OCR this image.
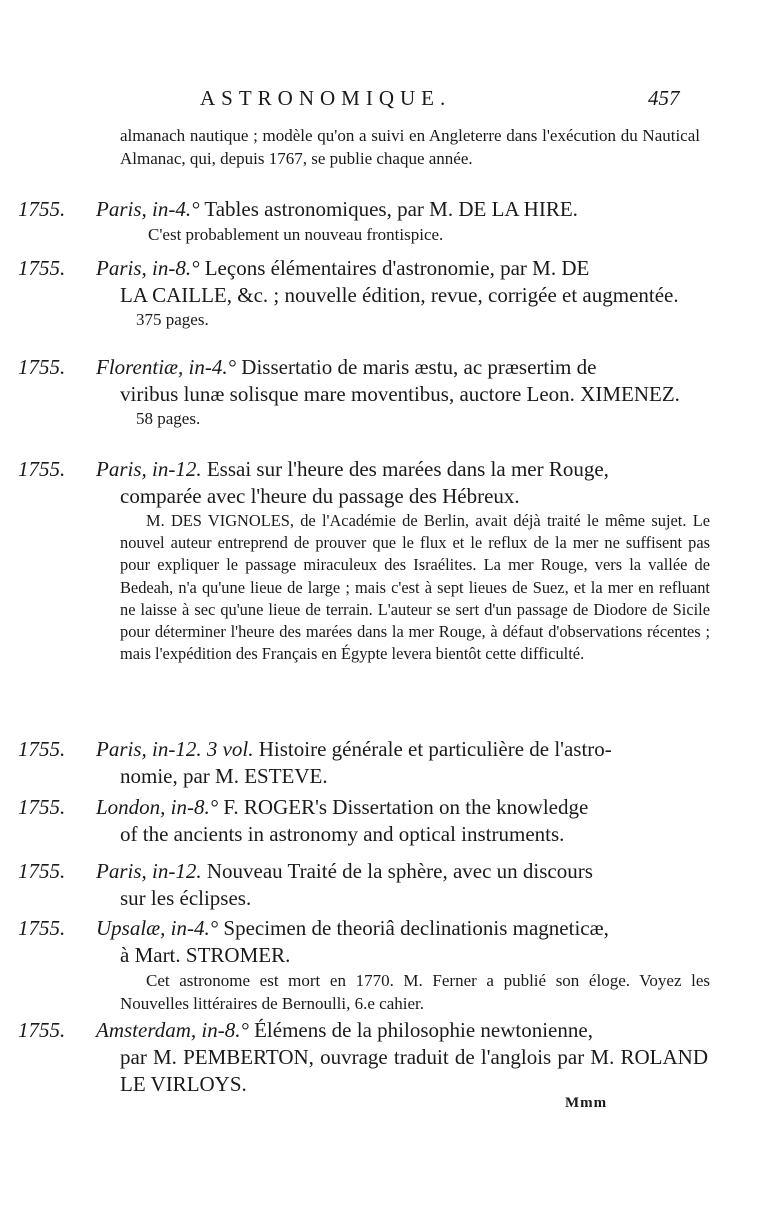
ASTRONOMIQUE.	457
almanach nautique ; modèle qu'on a suivi en Angleterre dans l'exécution du Nautical Almanac, qui, depuis 1767, se publie chaque année.
1755. Paris, in-4.° Tables astronomiques, par M. DE LA HIRE.
C'est probablement un nouveau frontispice.
1755. Paris, in-8.° Leçons élémentaires d'astronomie, par M. DE
LA CAILLE, &c. ; nouvelle édition, revue, corrigée et augmentée.
375 pages.
1755. Florentiæ, in-4.° Dissertatio de maris æstu, ac præsertim de
viribus lunæ solisque mare moventibus, auctore Leon. XIMENEZ.
58 pages.
1755. Paris, in-12. Essai sur l'heure des marées dans la mer Rouge,
comparée avec l'heure du passage des Hébreux.
M. DES VIGNOLES, de l'Académie de Berlin, avait déjà traité le même sujet. Le nouvel auteur entreprend de prouver que le flux et le reflux de la mer ne suffisent pas pour expliquer le passage miraculeux des Israélites. La mer Rouge, vers la vallée de Bedeah, n'a qu'une lieue de large ; mais c'est à sept lieues de Suez, et la mer en refluant ne laisse à sec qu'une lieue de terrain. L'auteur se sert d'un passage de Diodore de Sicile pour déterminer l'heure des marées dans la mer Rouge, à défaut d'observations récentes ; mais l'expédition des Français en Égypte levera bientôt cette difficulté.
1755. Paris, in-12. 3 vol. Histoire générale et particulière de l'astro-
nomie, par M. ESTEVE.
1755. London, in-8.° F. ROGER's Dissertation on the knowledge
of the ancients in astronomy and optical instruments.
1755. Paris, in-12. Nouveau Traité de la sphère, avec un discours
sur les éclipses.
1755. Upsalæ, in-4.° Specimen de theoriâ declinationis magneticæ,
à Mart. STROMER.
Cet astronome est mort en 1770. M. Ferner a publié son éloge. Voyez les Nouvelles littéraires de Bernoulli, 6.e cahier.
1755. Amsterdam, in-8.° Élémens de la philosophie newtonienne,
par M. PEMBERTON, ouvrage traduit de l'anglois par M. ROLAND LE VIRLOYS.
Mmm
